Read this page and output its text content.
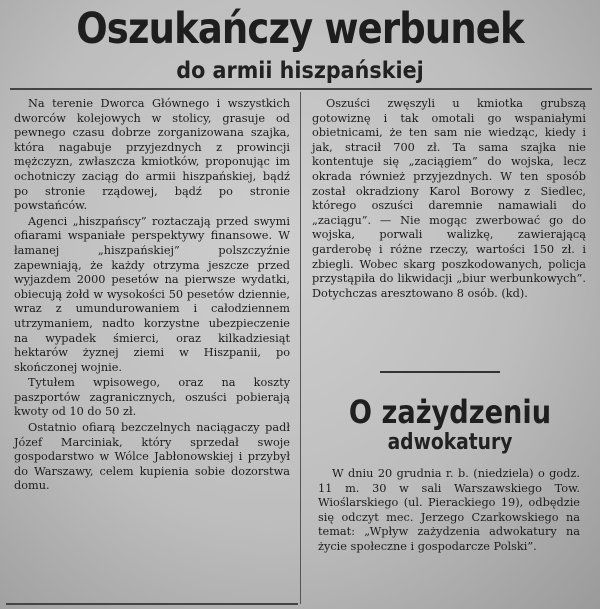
Oszukańczy werbunek
do armii hiszpańskiej

Na terenie Dworca Głównego i wszystkich dworców kolejowych w stolicy, grasuje od pewnego czasu dobrze zorganizowana szajka, która nagabuje przyjezdnych z prowincji mężczyzn, zwłaszcza kmiotków, proponując im ochotniczy zaciąg do armii hiszpańskiej, bądź po stronie rządowej, bądź po stronie powstańców.

Agenci „hiszpańscy” roztaczają przed swymi ofiarami wspaniałe perspektywy finansowe. W łamanej „hiszpańskiej” polszczyźnie zapewniają, że każdy otrzyma jeszcze przed wyjazdem 2000 pesetów na pierwsze wydatki, obiecują żołd w wysokości 50 pesetów dziennie, wraz z umundurowaniem i całodziennem utrzymaniem, nadto korzystne ubezpieczenie na wypadek śmierci, oraz kilkadziesiąt hektarów żyznej ziemi w Hiszpanii, po skończonej wojnie.

Tytułem wpisowego, oraz na koszty paszportów zagranicznych, oszuści pobierają kwoty od 10 do 50 zł.

Ostatnio ofiarą bezczelnych naciągaczy padł Józef Marciniak, który sprzedał swoje gospodarstwo w Wólce Jabłonowskiej i przybył do Warszawy, celem kupienia sobie dozorstwa domu.

Oszuści zwęszyli u kmiotka grubszą gotowiznę i tak omotali go wspaniałymi obietnicami, że ten sam nie wiedząc, kiedy i jak, stracił 700 zł. Ta sama szajka nie kontentuje się „zaciągiem” do wojska, lecz okrada również przyjezdnych. W ten sposób został okradziony Karol Borowy z Siedlec, którego oszuści daremnie namawiali do „zaciągu”. — Nie mogąc zwerbować go do wojska, porwali walizkę, zawierającą garderobę i różne rzeczy, wartości 150 zł. i zbiegli. Wobec skarg poszkodowanych, policja przystąpiła do likwidacji „biur werbunkowych”. Dotychczas aresztowano 8 osób. (kd).

O zażydzeniu
adwokatury

W dniu 20 grudnia r. b. (niedziela) o godz. 11 m. 30 w sali Warszawskiego Tow. Wioślarskiego (ul. Pierackiego 19), odbędzie się odczyt mec. Jerzego Czarkowskiego na temat: „Wpływ zażydzenia adwokatury na życie społeczne i gospodarcze Polski”.
